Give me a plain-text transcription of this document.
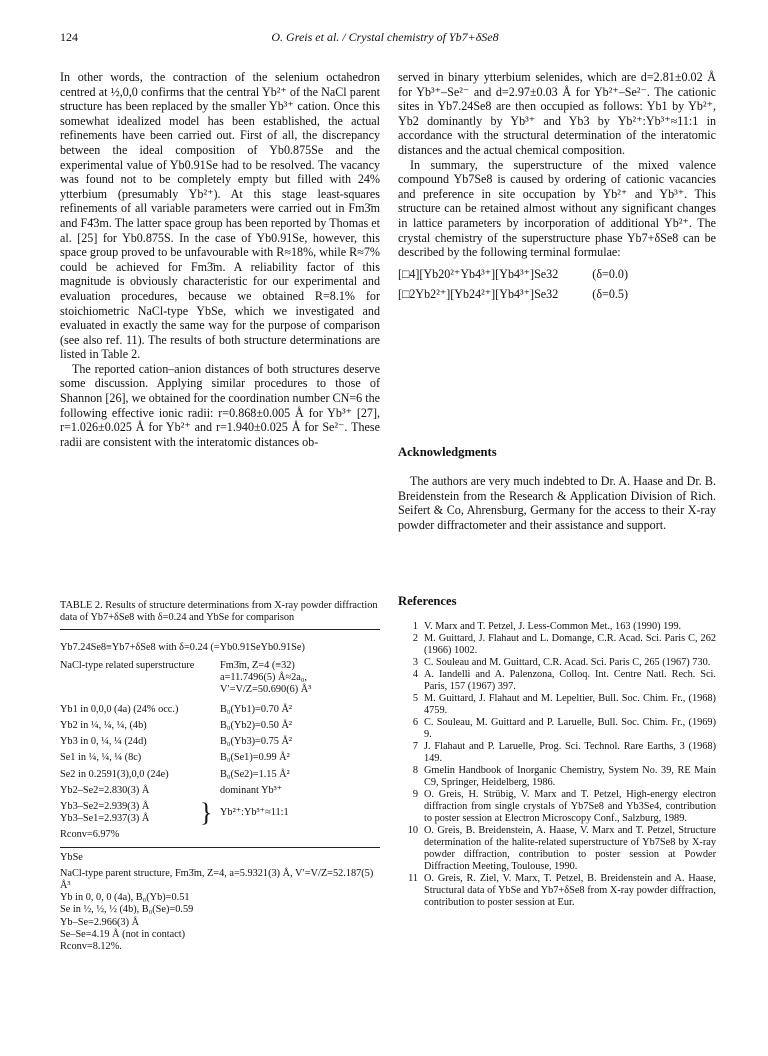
124	O. Greis et al. / Crystal chemistry of Yb7+δSe8

In other words, the contraction of the selenium octahedron centred at ½,0,0 confirms that the central Yb²⁺ of the NaCl parent structure has been replaced by the smaller Yb³⁺ cation. Once this somewhat idealized model has been established, the actual refinements have been carried out. First of all, the discrepancy between the ideal composition of Yb0.875Se and the experimental value of Yb0.91Se had to be resolved. The vacancy was found not to be completely empty but filled with 24% ytterbium (presumably Yb²⁺). At this stage least-squares refinements of all variable parameters were carried out in Fm3̄m and F4̄3m. The latter space group has been reported by Thomas et al. [25] for Yb0.875S. In the case of Yb0.91Se, however, this space group proved to be unfavourable with R≈18%, while R≈7% could be achieved for Fm3̄m. A reliability factor of this magnitude is obviously characteristic for our experimental and evaluation procedures, because we obtained R=8.1% for stoichiometric NaCl-type YbSe, which we investigated and evaluated in exactly the same way for the purpose of comparison (see also ref. 11). The results of both structure determinations are listed in Table 2.

The reported cation–anion distances of both structures deserve some discussion. Applying similar procedures to those of Shannon [26], we obtained for the coordination number CN=6 the following effective ionic radii: r=0.868±0.005 Å for Yb³⁺ [27], r=1.026±0.025 Å for Yb²⁺ and r=1.940±0.025 Å for Se²⁻. These radii are consistent with the interatomic distances ob-

TABLE 2. Results of structure determinations from X-ray powder diffraction data of Yb7+δSe8 with δ=0.24 and YbSe for comparison

Yb7.24Se8≡Yb7+δSe8 with δ=0.24 (=Yb0.91SeYb0.91Se)
NaCl-type related superstructure	Fm3̄m, Z=4 (≡32)
a=11.7496(5) Å≈2a₀,
V′=V/Z=50.690(6) Å³
Yb1 in 0,0,0 (4a) (24% occ.)	B₀(Yb1)=0.70 Å²
Yb2 in ¼, ¼, ¼, (4b)	B₀(Yb2)=0.50 Å²
Yb3 in 0, ¼, ¼ (24d)	B₀(Yb3)=0.75 Å²
Se1 in ¼, ¼, ¼ (8c)	B₀(Se1)=0.99 Å²
Se2 in 0.2591(3),0,0 (24e)	B₀(Se2)=1.15 Å²
Yb2–Se2=2.830(3) Å	dominant Yb³⁺
Yb3–Se2=2.939(3) Å
Yb3–Se1=2.937(3) Å	} Yb²⁺:Yb³⁺≈11:1
Rconv=6.97%
YbSe
NaCl-type parent structure, Fm3̄m, Z=4, a=5.9321(3) Å, V′=V/Z=52.187(5) Å³
Yb in 0, 0, 0 (4a), B₀(Yb)=0.51
Se in ½, ½, ½ (4b), B₀(Se)=0.59
Yb–Se=2.966(3) Å
Se–Se=4.19 Å (not in contact)
Rconv=8.12%.

served in binary ytterbium selenides, which are d=2.81±0.02 Å for Yb³⁺–Se²⁻ and d=2.97±0.03 Å for Yb²⁺–Se²⁻. The cationic sites in Yb7.24Se8 are then occupied as follows: Yb1 by Yb²⁺, Yb2 dominantly by Yb³⁺ and Yb3 by Yb²⁺:Yb³⁺≈11:1 in accordance with the structural determination of the interatomic distances and the actual chemical composition.

In summary, the superstructure of the mixed valence compound Yb7Se8 is caused by ordering of cationic vacancies and preference in site occupation by Yb²⁺ and Yb³⁺. This structure can be retained almost without any significant changes in lattice parameters by incorporation of additional Yb²⁺. The crystal chemistry of the superstructure phase Yb7+δSe8 can be described by the following terminal formulae:

[□4][Yb20²⁺Yb4³⁺][Yb4³⁺]Se32	(δ=0.0)
[□2Yb2²⁺][Yb24²⁺][Yb4³⁺]Se32	(δ=0.5)
Acknowledgments

The authors are very much indebted to Dr. A. Haase and Dr. B. Breidenstein from the Research & Application Division of Rich. Seifert & Co, Ahrensburg, Germany for the access to their X-ray powder diffractometer and their assistance and support.

References
1 V. Marx and T. Petzel, J. Less-Common Met., 163 (1990) 199.
2 M. Guittard, J. Flahaut and L. Domange, C.R. Acad. Sci. Paris C, 262 (1966) 1002.
3 C. Souleau and M. Guittard, C.R. Acad. Sci. Paris C, 265 (1967) 730.
4 A. Iandelli and A. Palenzona, Colloq. Int. Centre Natl. Rech. Sci. Paris, 157 (1967) 397.
5 M. Guittard, J. Flahaut and M. Lepeltier, Bull. Soc. Chim. Fr., (1968) 4759.
6 C. Souleau, M. Guittard and P. Laruelle, Bull. Soc. Chim. Fr., (1969) 9.
7 J. Flahaut and P. Laruelle, Prog. Sci. Technol. Rare Earths, 3 (1968) 149.
8 Gmelin Handbook of Inorganic Chemistry, System No. 39, RE Main C9, Springer, Heidelberg, 1986.
9 O. Greis, H. Strübig, V. Marx and T. Petzel, High-energy electron diffraction from single crystals of Yb7Se8 and Yb3Se4, contribution to poster session at Electron Microscopy Conf., Salzburg, 1989.
10 O. Greis, B. Breidenstein, A. Haase, V. Marx and T. Petzel, Structure determination of the halite-related superstructure of Yb7Se8 by X-ray powder diffraction, contribution to poster session at Powder Diffraction Meeting, Toulouse, 1990.
11 O. Greis, R. Ziel, V. Marx, T. Petzel, B. Breidenstein and A. Haase, Structural data of YbSe and Yb7+δSe8 from X-ray powder diffraction, contribution to poster session at Eur.
